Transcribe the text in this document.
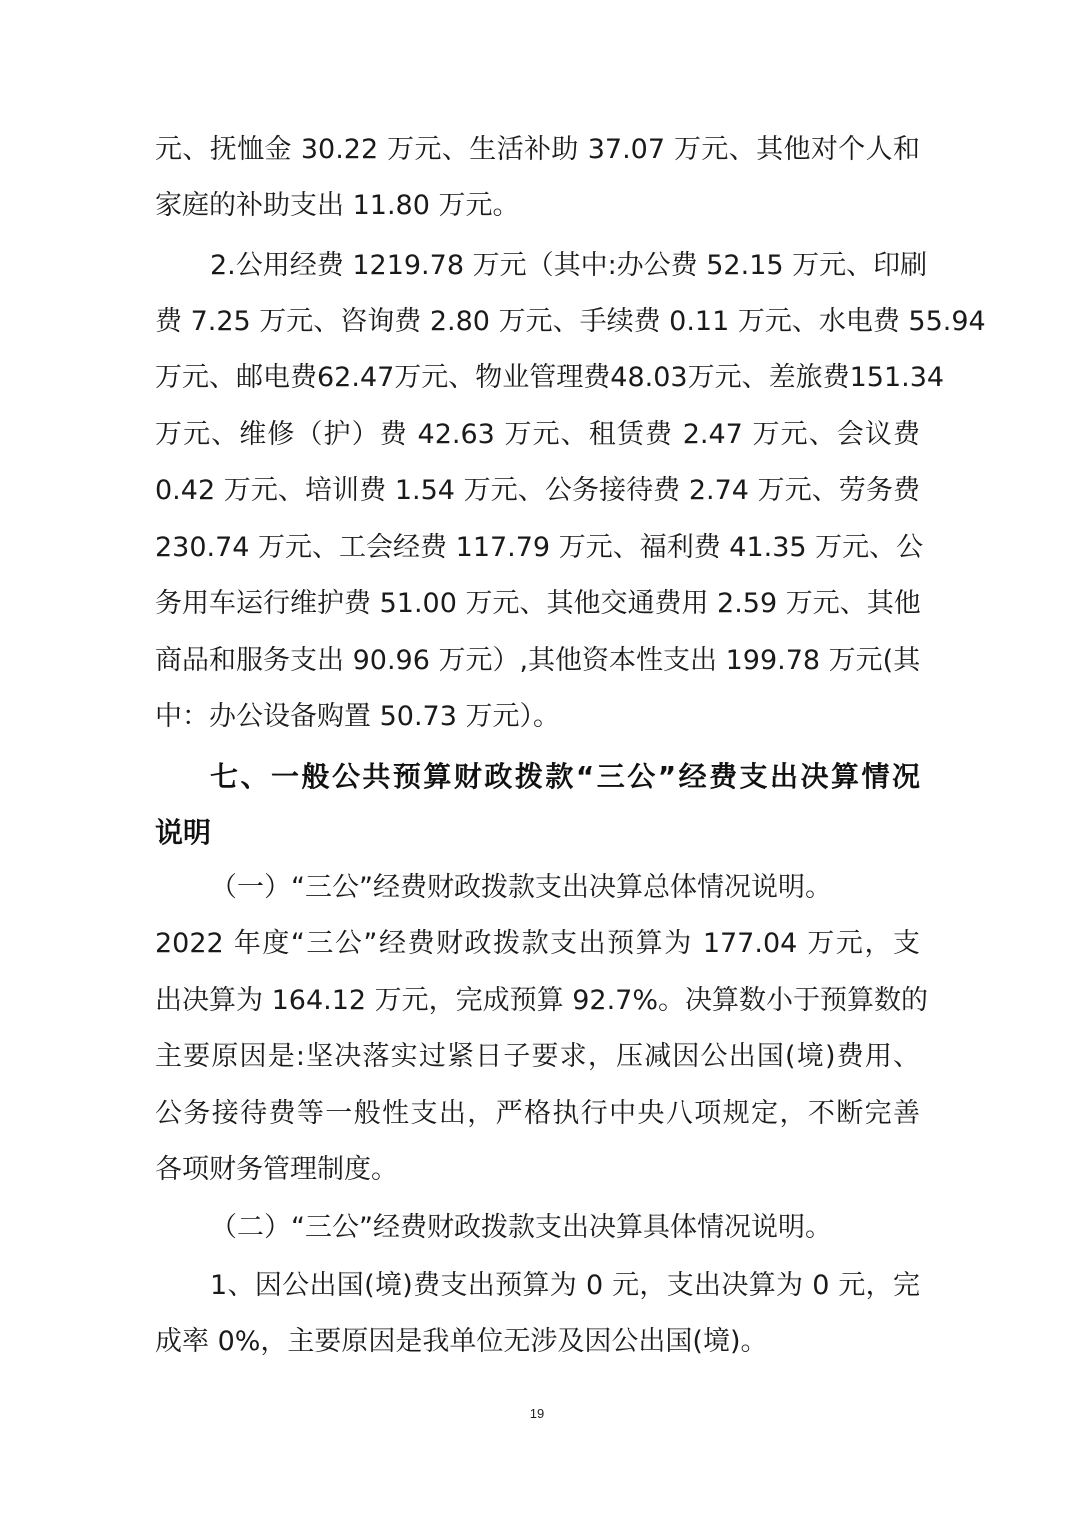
元、抚恤金 30.22 万元、生活补助 37.07 万元、其他对个人和
家庭的补助支出 11.80 万元。
2.公用经费 1219.78 万元（其中:办公费 52.15 万元、印刷
费 7.25 万元、咨询费 2.80 万元、手续费 0.11 万元、水电费 55.94
万元、邮电费62.47万元、物业管理费48.03万元、差旅费151.34
万元、维修（护）费 42.63 万元、租赁费 2.47 万元、会议费
0.42 万元、培训费 1.54 万元、公务接待费 2.74 万元、劳务费
230.74 万元、工会经费 117.79 万元、福利费 41.35 万元、公
务用车运行维护费 51.00 万元、其他交通费用 2.59 万元、其他
商品和服务支出 90.96 万元）,其他资本性支出 199.78 万元(其
中：办公设备购置 50.73 万元）。
七、一般公共预算财政拨款“三公”经费支出决算情况
说明
（一）“三公”经费财政拨款支出决算总体情况说明。
2022 年度“三公”经费财政拨款支出预算为 177.04 万元，支
出决算为 164.12 万元，完成预算 92.7%。决算数小于预算数的
主要原因是:坚决落实过紧日子要求，压减因公出国(境)费用、
公务接待费等一般性支出，严格执行中央八项规定，不断完善
各项财务管理制度。
（二）“三公”经费财政拨款支出决算具体情况说明。
1、因公出国(境)费支出预算为 0 元，支出决算为 0 元，完
成率 0%，主要原因是我单位无涉及因公出国(境)。
19
